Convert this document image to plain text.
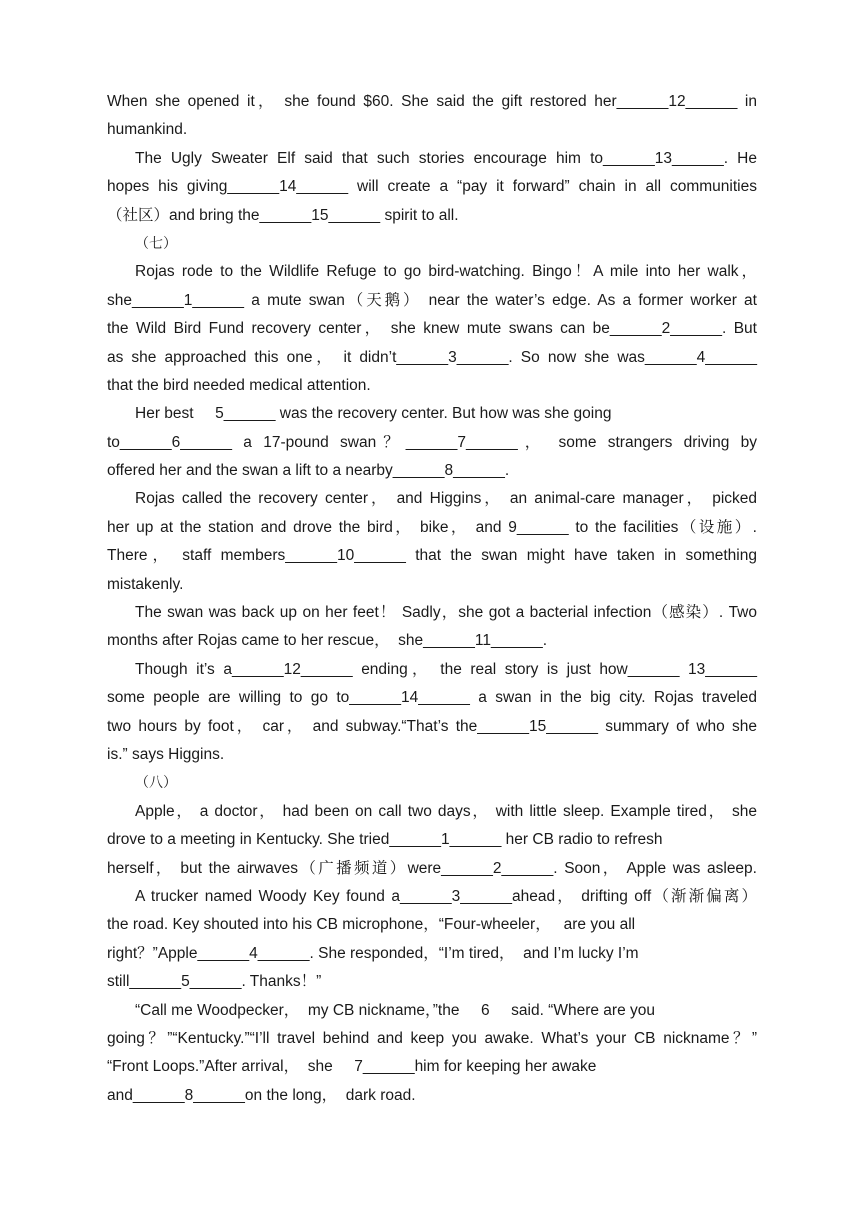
When she opened it， she found $60. She said the gift restored her______12______ in
humankind.
The Ugly Sweater Elf said that such stories encourage him to______13______. He
hopes his giving______14______ will create a “pay it forward” chain in all communities
（社区）and bring the______15______ spirit to all.
（七）
Rojas rode to the Wildlife Refuge to go bird-watching. Bingo！A mile into her walk，
she______1______ a mute swan（天鹅） near the water’s edge. As a former worker at
the Wild Bird Fund recovery center， she knew mute swans can be______2______. But
as she approached this one， it didn’t______3______. So now she was______4______
that the bird needed medical attention.
Her best     5______ was the recovery center. But how was she going
to______6______ a 17-pound swan？______7______， some strangers driving by
offered her and the swan a lift to a nearby______8______.
Rojas called the recovery center， and Higgins， an animal-care manager， picked
her up at the station and drove the bird， bike， and 9______ to the facilities（设施）.
There， staff members______10______ that the swan might have taken in something
mistakenly.
The swan was back up on her feet！ Sadly，she got a bacterial infection（感染）. Two
months after Rojas came to her rescue，  she______11______.
Though it’s a______12______ ending， the real story is just how______ 13______
some people are willing to go to______14______ a swan in the big city. Rojas traveled
two hours by foot， car， and subway.“That’s the______15______ summary of who she
is.” says Higgins.
（八）
Apple， a doctor， had been on call two days， with little sleep. Example tired， she
drove to a meeting in Kentucky. She tried______1______ her CB radio to refresh
herself， but the airwaves（广播频道）were______2______. Soon， Apple was asleep.
A trucker named Woody Key found a______3______ahead， drifting off（渐渐偏离）
the road. Key shouted into his CB microphone，“Four-wheeler，   are you all
right？”Apple______4______. She responded，“I’m tired，  and I’m lucky I’m
still______5______. Thanks！”
“Call me Woodpecker，  my CB nickname，”the     6     said. “Where are you
going？”“Kentucky.”“I’ll travel behind and keep you awake. What’s your CB nickname？”
“Front Loops.”After arrival，  she     7______him for keeping her awake
and______8______on the long，  dark road.
